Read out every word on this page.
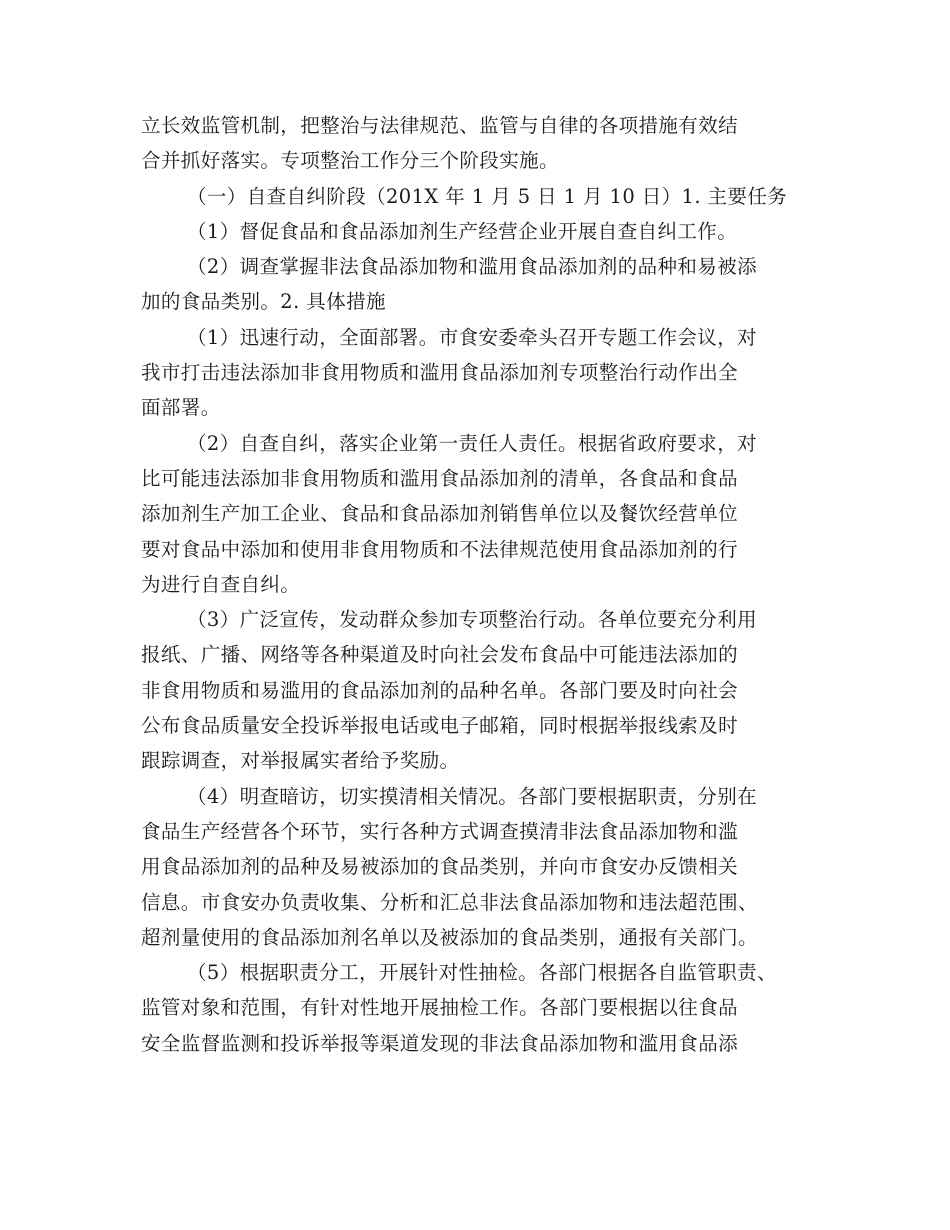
立长效监管机制，把整治与法律规范、监管与自律的各项措施有效结
合并抓好落实。专项整治工作分三个阶段实施。
（一）自查自纠阶段（201X 年 1 月 5 日 1 月 10 日）1. 主要任务
（1）督促食品和食品添加剂生产经营企业开展自查自纠工作。
（2）调查掌握非法食品添加物和滥用食品添加剂的品种和易被添
加的食品类别。2. 具体措施
（1）迅速行动，全面部署。市食安委牵头召开专题工作会议，对
我市打击违法添加非食用物质和滥用食品添加剂专项整治行动作出全
面部署。
（2）自查自纠，落实企业第一责任人责任。根据省政府要求，对
比可能违法添加非食用物质和滥用食品添加剂的清单，各食品和食品
添加剂生产加工企业、食品和食品添加剂销售单位以及餐饮经营单位
要对食品中添加和使用非食用物质和不法律规范使用食品添加剂的行
为进行自查自纠。
（3）广泛宣传，发动群众参加专项整治行动。各单位要充分利用
报纸、广播、网络等各种渠道及时向社会发布食品中可能违法添加的
非食用物质和易滥用的食品添加剂的品种名单。各部门要及时向社会
公布食品质量安全投诉举报电话或电子邮箱，同时根据举报线索及时
跟踪调查，对举报属实者给予奖励。
（4）明查暗访，切实摸清相关情况。各部门要根据职责，分别在
食品生产经营各个环节，实行各种方式调查摸清非法食品添加物和滥
用食品添加剂的品种及易被添加的食品类别，并向市食安办反馈相关
信息。市食安办负责收集、分析和汇总非法食品添加物和违法超范围、
超剂量使用的食品添加剂名单以及被添加的食品类别，通报有关部门。
（5）根据职责分工，开展针对性抽检。各部门根据各自监管职责、
监管对象和范围，有针对性地开展抽检工作。各部门要根据以往食品
安全监督监测和投诉举报等渠道发现的非法食品添加物和滥用食品添
